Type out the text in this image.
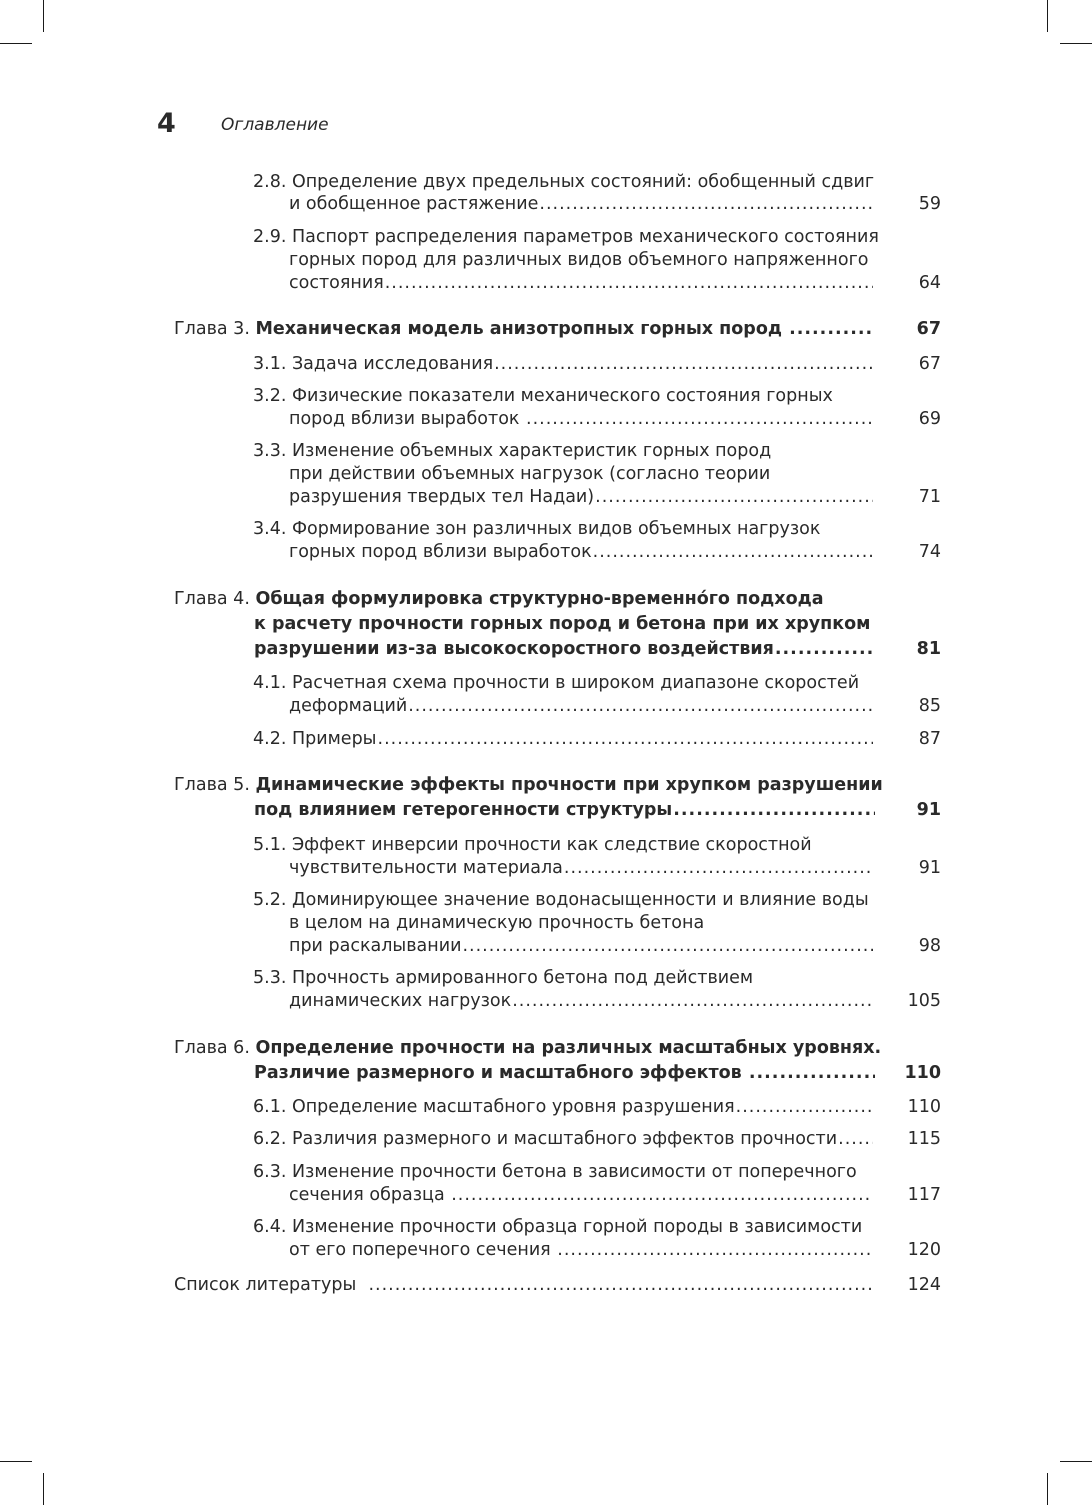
4	Оглавление
2.8. Определение двух предельных состояний: обобщенный сдвиг
и обобщенное растяжение .....	59
2.9. Паспорт распределения параметров механического состояния
горных пород для различных видов объемного напряженного
состояния .....	64
Глава 3. Механическая модель анизотропных горных пород .....	67
3.1. Задача исследования .....	67
3.2. Физические показатели механического состояния горных
пород вблизи выработок .....	69
3.3. Изменение объемных характеристик горных пород
при действии объемных нагрузок (согласно теории
разрушения твердых тел Надаи) .....	71
3.4. Формирование зон различных видов объемных нагрузок
горных пород вблизи выработок .....	74
Глава 4. Общая формулировка структурно-временно́го подхода
к расчету прочности горных пород и бетона при их хрупком
разрушении из-за высокоскоростного воздействия .....	81
4.1. Расчетная схема прочности в широком диапазоне скоростей
деформаций .....	85
4.2. Примеры .....	87
Глава 5. Динамические эффекты прочности при хрупком разрушении
под влиянием гетерогенности структуры .....	91
5.1. Эффект инверсии прочности как следствие скоростной
чувствительности материала .....	91
5.2. Доминирующее значение водонасыщенности и влияние воды
в целом на динамическую прочность бетона
при раскалывании .....	98
5.3. Прочность армированного бетона под действием
динамических нагрузок .....	105
Глава 6. Определение прочности на различных масштабных уровнях.
Различие размерного и масштабного эффектов .....	110
6.1. Определение масштабного уровня разрушения .....	110
6.2. Различия размерного и масштабного эффектов прочности .....	115
6.3. Изменение прочности бетона в зависимости от поперечного
сечения образца .....	117
6.4. Изменение прочности образца горной породы в зависимости
от его поперечного сечения .....	120
Список литературы .....	124
